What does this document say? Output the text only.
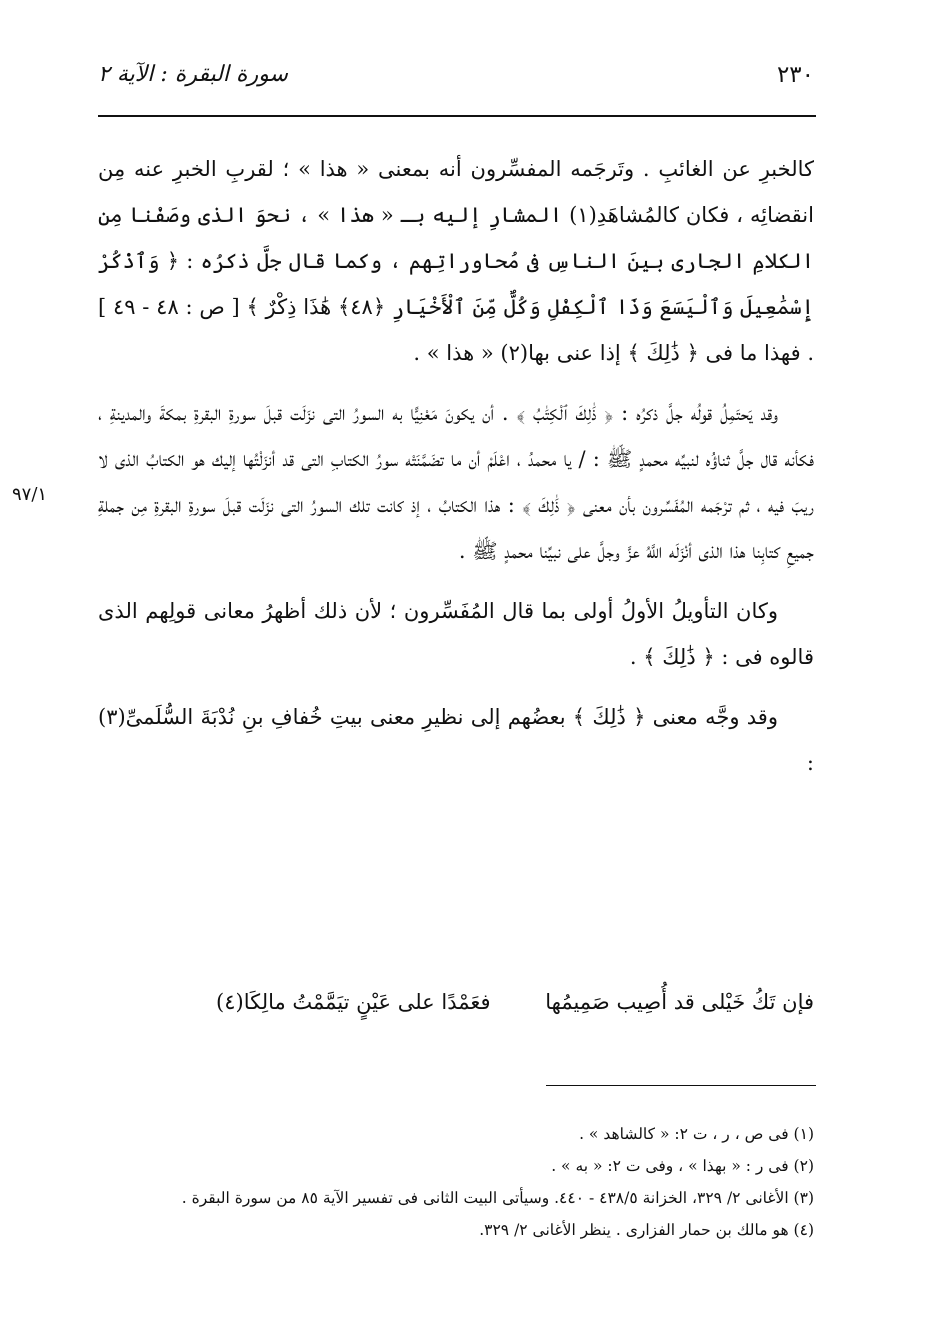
٢٣٠
سورة البقرة : الآية ٢
٩٧/١

كالخبرِ عن الغائبِ . وتَرجَمه المفسِّرون أنه بمعنى « هذا » ؛ لقربِ الخبرِ عنه مِن انقضائِه ، فكان كالمُشاهَدِ(١) المشارِ إليه بـ « هذا » ، نحوَ الذى وصَفْنا مِن الكلامِ الجارى بينَ الناسِ فى مُحاوراتِهم ، وكما قال جلَّ ذكرُه : ﴿ وَٱذْكُرْ إِسْمَٰعِيلَ وَٱلْيَسَعَ وَذَا ٱلْكِفْلِ وَكُلٌّ مِّنَ ٱلْأَخْيَارِ ﴿٤٨﴾ هَٰذَا ذِكْرٌ ﴾ [ ص : ٤٨ - ٤٩ ] . فهذا ما فى ﴿ ذَٰلِكَ ﴾ إذا عنى بها(٢) « هذا » .

وقد يَحتَمِلُ قولُه جلَّ ذكرُه : ﴿ ذَٰلِكَ ٱلْكِتَٰبُ ﴾ . أن يكونَ مَعْنِيًّا به السورُ التى نزَلَت قبلَ سورةِ البقرةِ بمكةَ والمدينةِ ، فكأنه قال جلَّ ثناؤُه لنبيِّه محمدٍ ﷺ : / يا محمدُ ، اعْلَمْ أن ما تضَمَّنَتْه سورُ الكتابِ التى قد أنزَلْتُها إليك هو الكتابُ الذى لا ريبَ فيه ، ثم ترْجَمه المُفَسِّرون بأن معنى ﴿ ذَٰلِكَ ﴾ : هذا الكتابُ ، إذ كانت تلك السورُ التى نزَلَت قبلَ سورةِ البقرةِ مِن جملةِ جميعِ كتابِنا هذا الذى أنْزَلَه اللَّهُ عزَّ وجلَّ على نبيِّنا محمدٍ ﷺ .

وكان التأويلُ الأولُ أولى بما قال المُفَسِّرون ؛ لأن ذلك أظهرُ معانى قولِهم الذى قالوه فى : ﴿ ذَٰلِكَ ﴾ .

وقد وجَّه معنى ﴿ ذَٰلِكَ ﴾ بعضُهم إلى نظيرِ معنى بيتِ خُفافِ بنِ نُدْبَةَ السُّلَمىِّ(٣) :

فإن تَكُ خَيْلى قد أُصِيب صَمِيمُها فعَمْدًا على عَيْنٍ تيَمَّمْتُ مالِكَا(٤)

(١) فى ص ، ر ، ت ٢: « كالشاهد » .

(٢) فى ر : « بهذا » ، وفى ت ٢: « به » .

(٣) الأغانى ٢/ ٣٢٩، الخزانة ٤٣٨/٥ - ٤٤٠. وسيأتى البيت الثانى فى تفسير الآية ٨٥ من سورة البقرة .

(٤) هو مالك بن حمار الفزارى . ينظر الأغانى ٢/ ٣٢٩.
